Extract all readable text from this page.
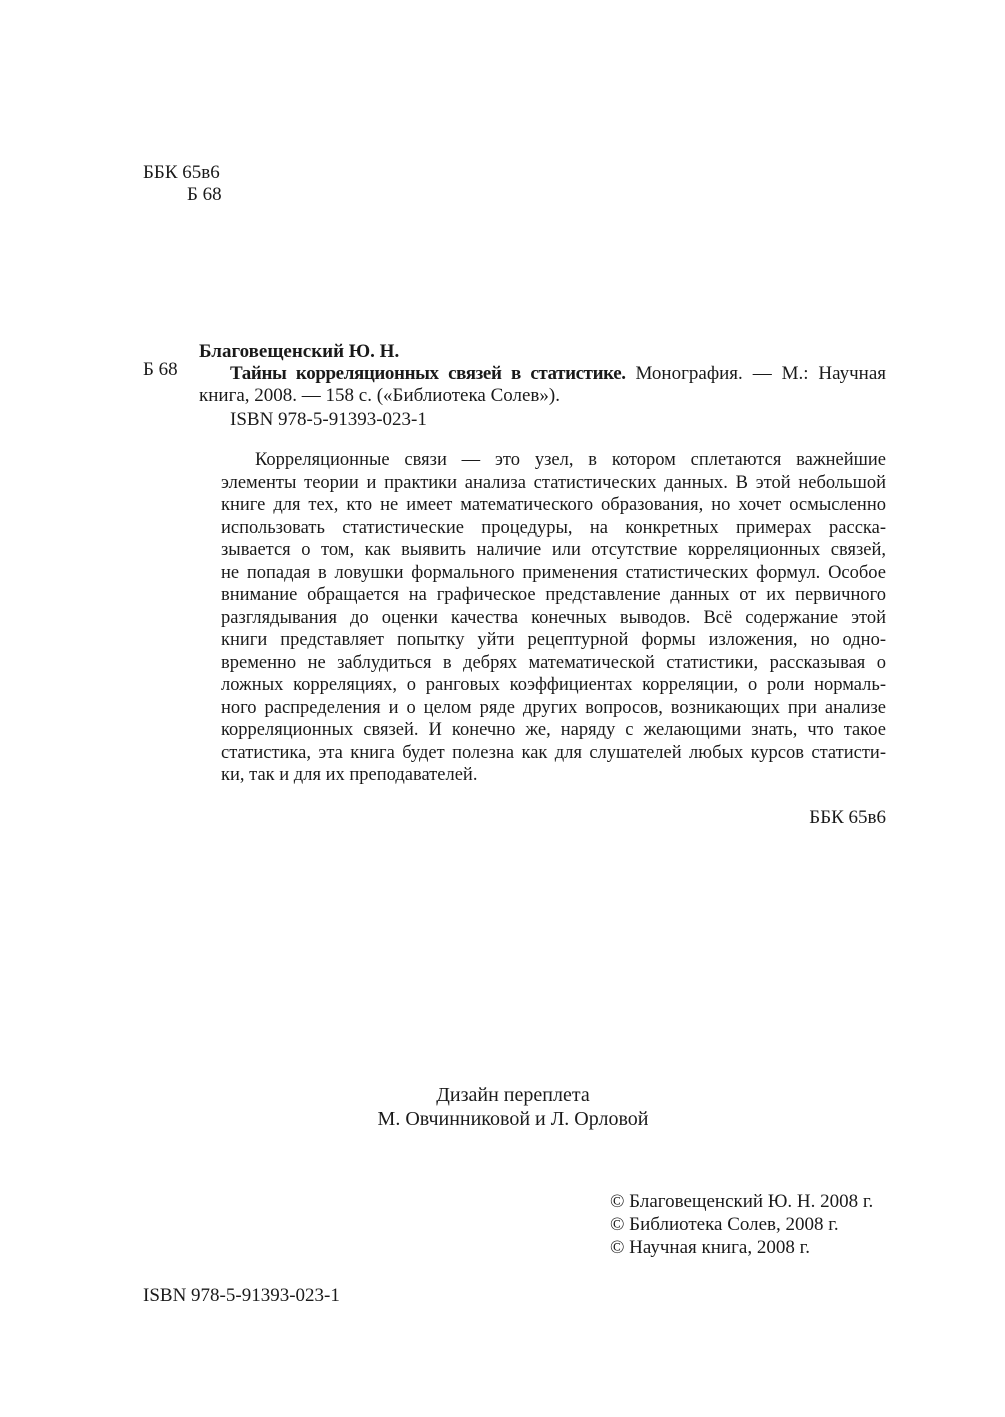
ББК 65в6
Б 68
Благовещенский Ю. Н.
Б 68	Тайны корреляционных связей в статистике. Монография. — М.: Научная
книга, 2008. — 158 с. («Библиотека Солев»).
ISBN 978-5-91393-023-1
Корреляционные связи — это узел, в котором сплетаются важнейшие
элементы теории и практики анализа статистических данных. В этой небольшой
книге для тех, кто не имеет математического образования, но хочет осмысленно
использовать статистические процедуры, на конкретных примерах расска-
зывается о том, как выявить наличие или отсутствие корреляционных связей,
не попадая в ловушки формального применения статистических формул. Особое
внимание обращается на графическое представление данных от их первичного
разглядывания до оценки качества конечных выводов. Всё содержание этой
книги представляет попытку уйти рецептурной формы изложения, но одно-
временно не заблудиться в дебрях математической статистики, рассказывая о
ложных корреляциях, о ранговых коэффициентах корреляции, о роли нормаль-
ного распределения и о целом ряде других вопросов, возникающих при анализе
корреляционных связей. И конечно же, наряду с желающими знать, что такое
статистика, эта книга будет полезна как для слушателей любых курсов статисти-
ки, так и для их преподавателей.
ББК 65в6
Дизайн переплета
М. Овчинниковой и Л. Орловой
© Благовещенский Ю. Н. 2008 г.
© Библиотека Солев, 2008 г.
© Научная книга, 2008 г.
ISBN 978-5-91393-023-1
